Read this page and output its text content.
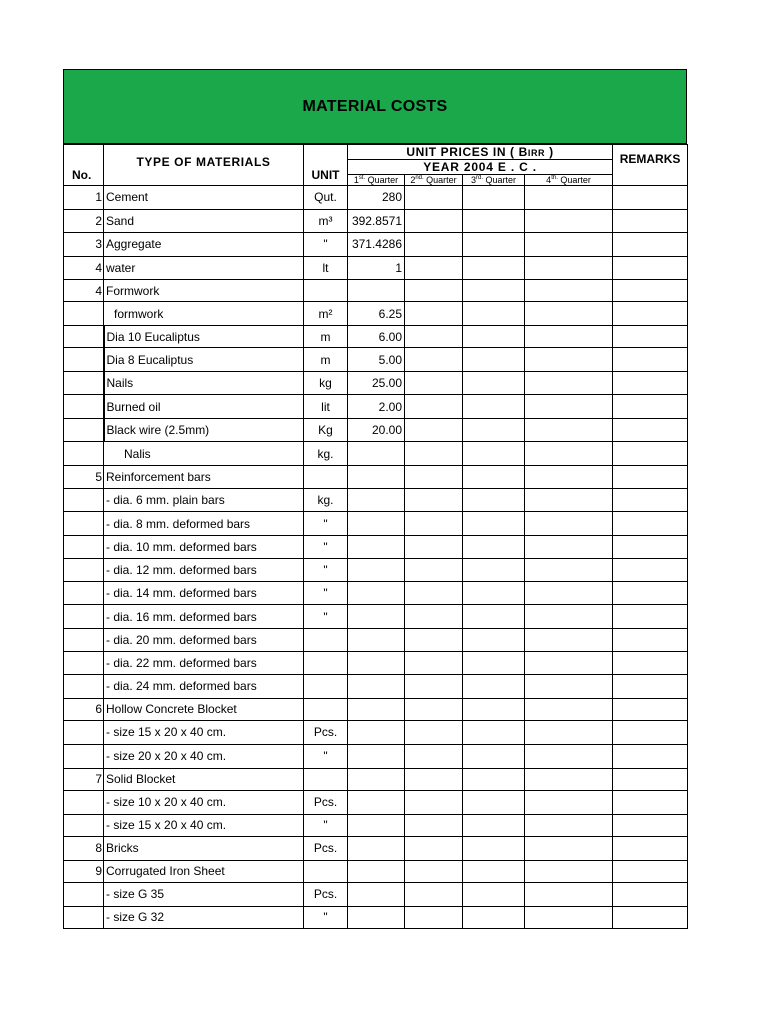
MATERIAL COSTS
No.	TYPE OF MATERIALS	UNIT	UNIT PRICES IN ( BIRR )				REMARKS

			YEAR 2004 E . C .				
			$1^{st.}$ Quarter	$2^{nd.}$ Quarter	$3^{rd.}$ Quarter	$4^{th.}$ Quarter	
1	Cement	Qut.	280				
2	Sand	m³	392.8571				
3	Aggregate	"	371.4286				
4	water	lt	1				
4	Formwork						
	formwork	m²	6.25				
	Dia 10 Eucaliptus	m	6.00				
	Dia 8 Eucaliptus	m	5.00				
	Nails	kg	25.00				
	Burned oil	lit	2.00				
	Black wire (2.5mm)	Kg	20.00				
	Nalis	kg.					
5	Reinforcement bars						
	- dia. 6 mm. plain bars	kg.					
	- dia. 8 mm. deformed bars	"					
	- dia. 10 mm. deformed bars	"					
	- dia. 12 mm. deformed bars	"					
	- dia. 14 mm. deformed bars	"					
	- dia. 16 mm. deformed bars	"					
	- dia. 20 mm. deformed bars						
	- dia. 22 mm. deformed bars						
	- dia. 24 mm. deformed bars						
6	Hollow Concrete Blocket						
	- size 15 x 20 x 40 cm.	Pcs.					
	- size 20 x 20 x 40 cm.	"					
7	Solid Blocket						
	- size 10 x 20 x 40 cm.	Pcs.					
	- size 15 x 20 x 40 cm.	"					
8	Bricks	Pcs.					
9	Corrugated Iron Sheet						
	- size G 35	Pcs.					
	- size G 32	"					
